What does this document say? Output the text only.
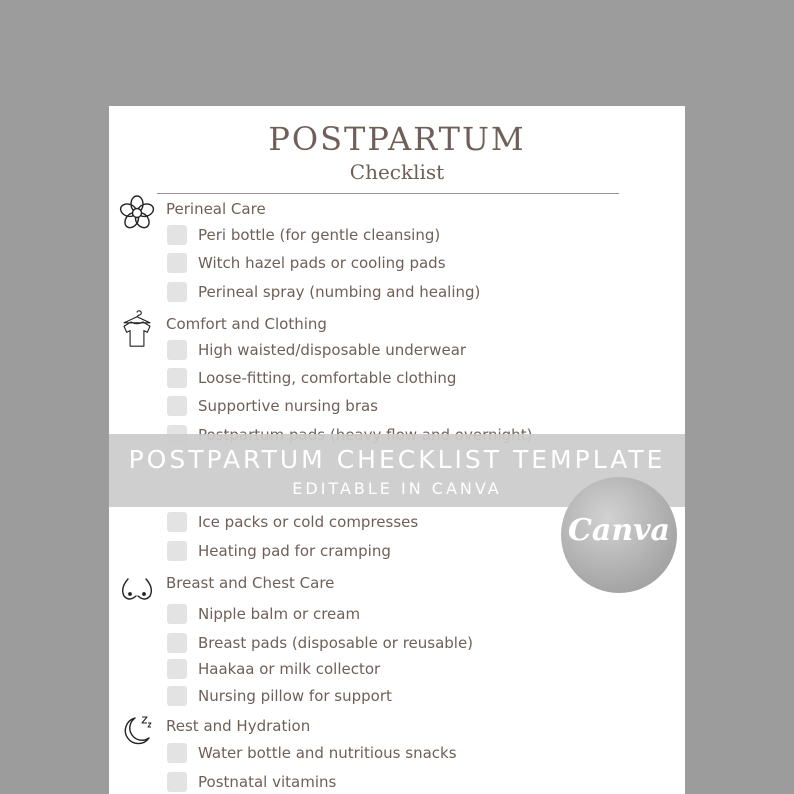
POSTPARTUM
Checklist
Perineal Care
Peri bottle (for gentle cleansing)
Witch hazel pads or cooling pads
Perineal spray (numbing and healing)
Comfort and Clothing
High waisted/disposable underwear
Loose-fitting, comfortable clothing
Supportive nursing bras
Ice packs or cold compresses
Heating pad for cramping
Breast and Chest Care
Nipple balm or cream
Breast pads (disposable or reusable)
Haakaa or milk collector
Nursing pillow for support
Rest and Hydration
Water bottle and nutritious snacks
Postnatal vitamins
POSTPARTUM CHECKLIST TEMPLATE
EDITABLE IN CANVA
Canva
